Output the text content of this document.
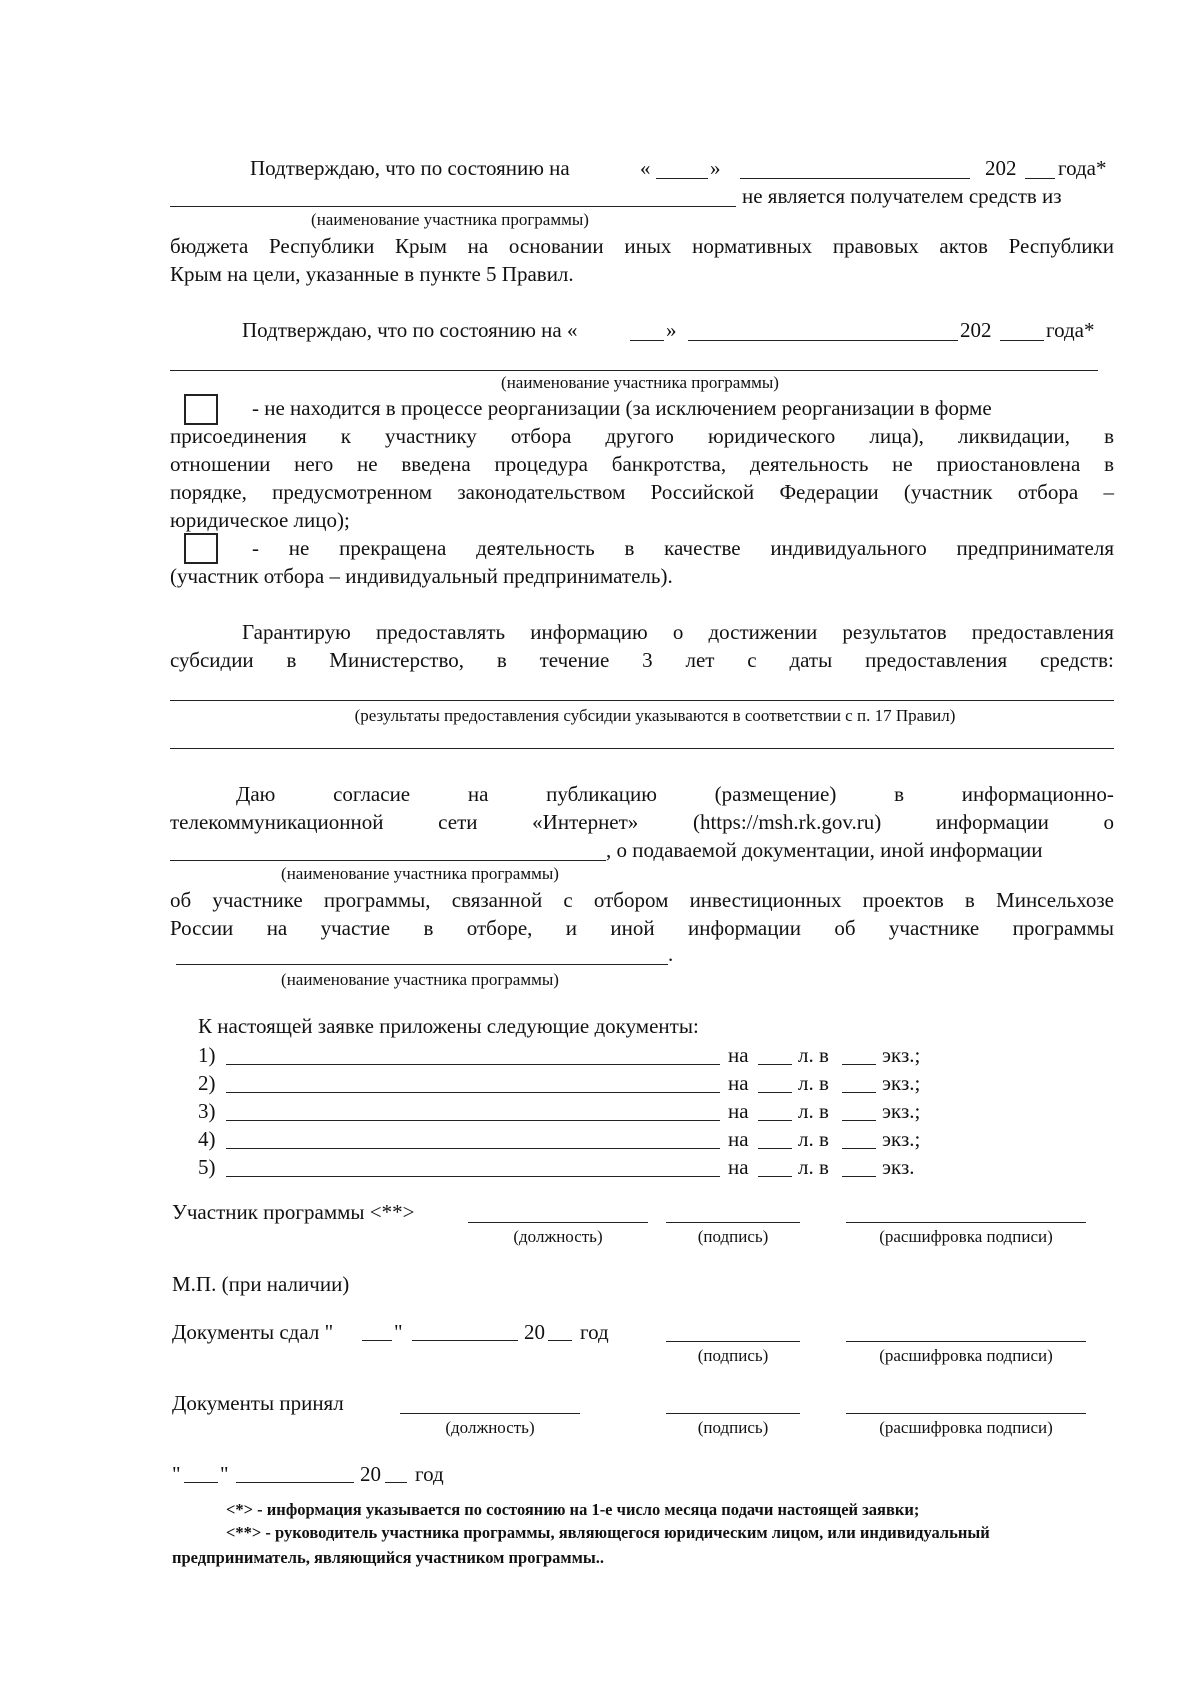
Подтверждаю, что по состоянию на	«	»	202 года*
не является получателем средств из
(наименование участника программы)
бюджета Республики Крым на основании иных нормативных правовых актов Республики
Крым на цели, указанные в пункте 5 Правил.
Подтверждаю, что по состоянию на «	»	202	года*
(наименование участника программы)
- не находится в процессе реорганизации (за исключением реорганизации в форме
присоединения к участнику отбора другого юридического лица), ликвидации, в
отношении него не введена процедура банкротства, деятельность не приостановлена в
порядке, предусмотренном законодательством Российской Федерации (участник отбора –
юридическое лицо);
- не прекращена деятельность в качестве индивидуального предпринимателя
(участник отбора – индивидуальный предприниматель).
Гарантирую предоставлять информацию о достижении результатов предоставления
субсидии в Министерство, в течение 3 лет с даты предоставления средств:
(результаты предоставления субсидии указываются в соответствии с п. 17 Правил)
Даю	согласие	на	публикацию	(размещение)	в	информационно-
телекоммуникационной	сети	«Интернет»	(https://msh.rk.gov.ru)	информации	о
, о подаваемой документации, иной информации
(наименование участника программы)
об участнике программы, связанной с отбором инвестиционных проектов в Минсельхозе
России на участие в отборе, и иной информации об участнике программы
.
(наименование участника программы)
К настоящей заявке приложены следующие документы:
1)	на л. в	экз.;
2)	на л. в	экз.;
3)	на л. в	экз.;
4)	на л. в	экз.;
5)	на л. в	экз.
Участник программы <**>
(должность)	(подпись)	(расшифровка подписи)
М.П. (при наличии)
Документы сдал "	"	20 год
(подпись)	(расшифровка подписи)
Документы принял
(должность)	(подпись)	(расшифровка подписи)
" "	20 год
<*> - информация указывается по состоянию на 1-е число месяца подачи настоящей заявки;
<**> - руководитель участника программы, являющегося юридическим лицом, или индивидуальный
предприниматель, являющийся участником программы..
